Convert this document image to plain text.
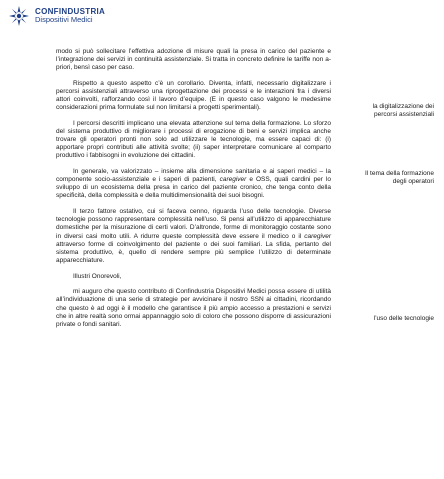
CONFINDUSTRIA
Dispositivi Medici

modo si può sollecitare l’effettiva adozione di misure quali la presa in carico del paziente e l’integrazione dei servizi in continuità assistenziale. Si tratta in concreto definire le tariffe non a-priori, bensì caso per caso.

Rispetto a questo aspetto c’è un corollario. Diventa, infatti, necessario digitalizzare i percorsi assistenziali attraverso una riprogettazione dei processi e le interazioni fra i diversi attori coinvolti, rafforzando così il lavoro d’equipe. (E in questo caso valgono le medesime considerazioni prima formulate sul non limitarsi a progetti sperimentali).

I percorsi descritti implicano una elevata attenzione sul tema della formazione. Lo sforzo del sistema produttivo di migliorare i processi di erogazione di beni e servizi implica anche trovare gli operatori pronti non solo ad utilizzare le tecnologie, ma essere capaci di: (i) apportare propri contributi alle attività svolte; (ii) saper interpretare comunicare al comparto produttivo i fabbisogni in evoluzione dei cittadini.

In generale, va valorizzato – insieme alla dimensione sanitaria e ai saperi medici – la componente socio-assistenziale e i saperi di pazienti, caregiver e OSS, quali cardini per lo sviluppo di un ecosistema della presa in carico del paziente cronico, che tenga conto della specificità, della complessità e della multidimensionalità dei suoi bisogni.

Il terzo fattore ostativo, cui si faceva cenno, riguarda l’uso delle tecnologie. Diverse tecnologie possono rappresentare complessità nell’uso. Si pensi all’utilizzo di apparecchiature domestiche per la misurazione di certi valori. D’altronde, forme di monitoraggio costante sono in diversi casi molto utili. A ridurre queste complessità deve essere il medico o il caregiver attraverso forme di coinvolgimento del paziente o dei suoi familiari. La sfida, pertanto del sistema produttivo, è, quello di rendere sempre più semplice l’utilizzo di determinate apparecchiature.

Illustri Onorevoli,

mi auguro che questo contributo di Confindustria Dispositivi Medici possa essere di utilità all’individuazione di una serie di strategie per avvicinare il nostro SSN ai cittadini, ricordando che questo è ad oggi è il modello che garantisce il più ampio accesso a prestazioni e servizi che in altre realtà sono ormai appannaggio solo di coloro che possono disporre di assicurazioni private o fondi sanitari.

la digitalizzazione dei percorsi assistenziali
Il tema della formazione degli operatori
l’uso delle tecnologie
